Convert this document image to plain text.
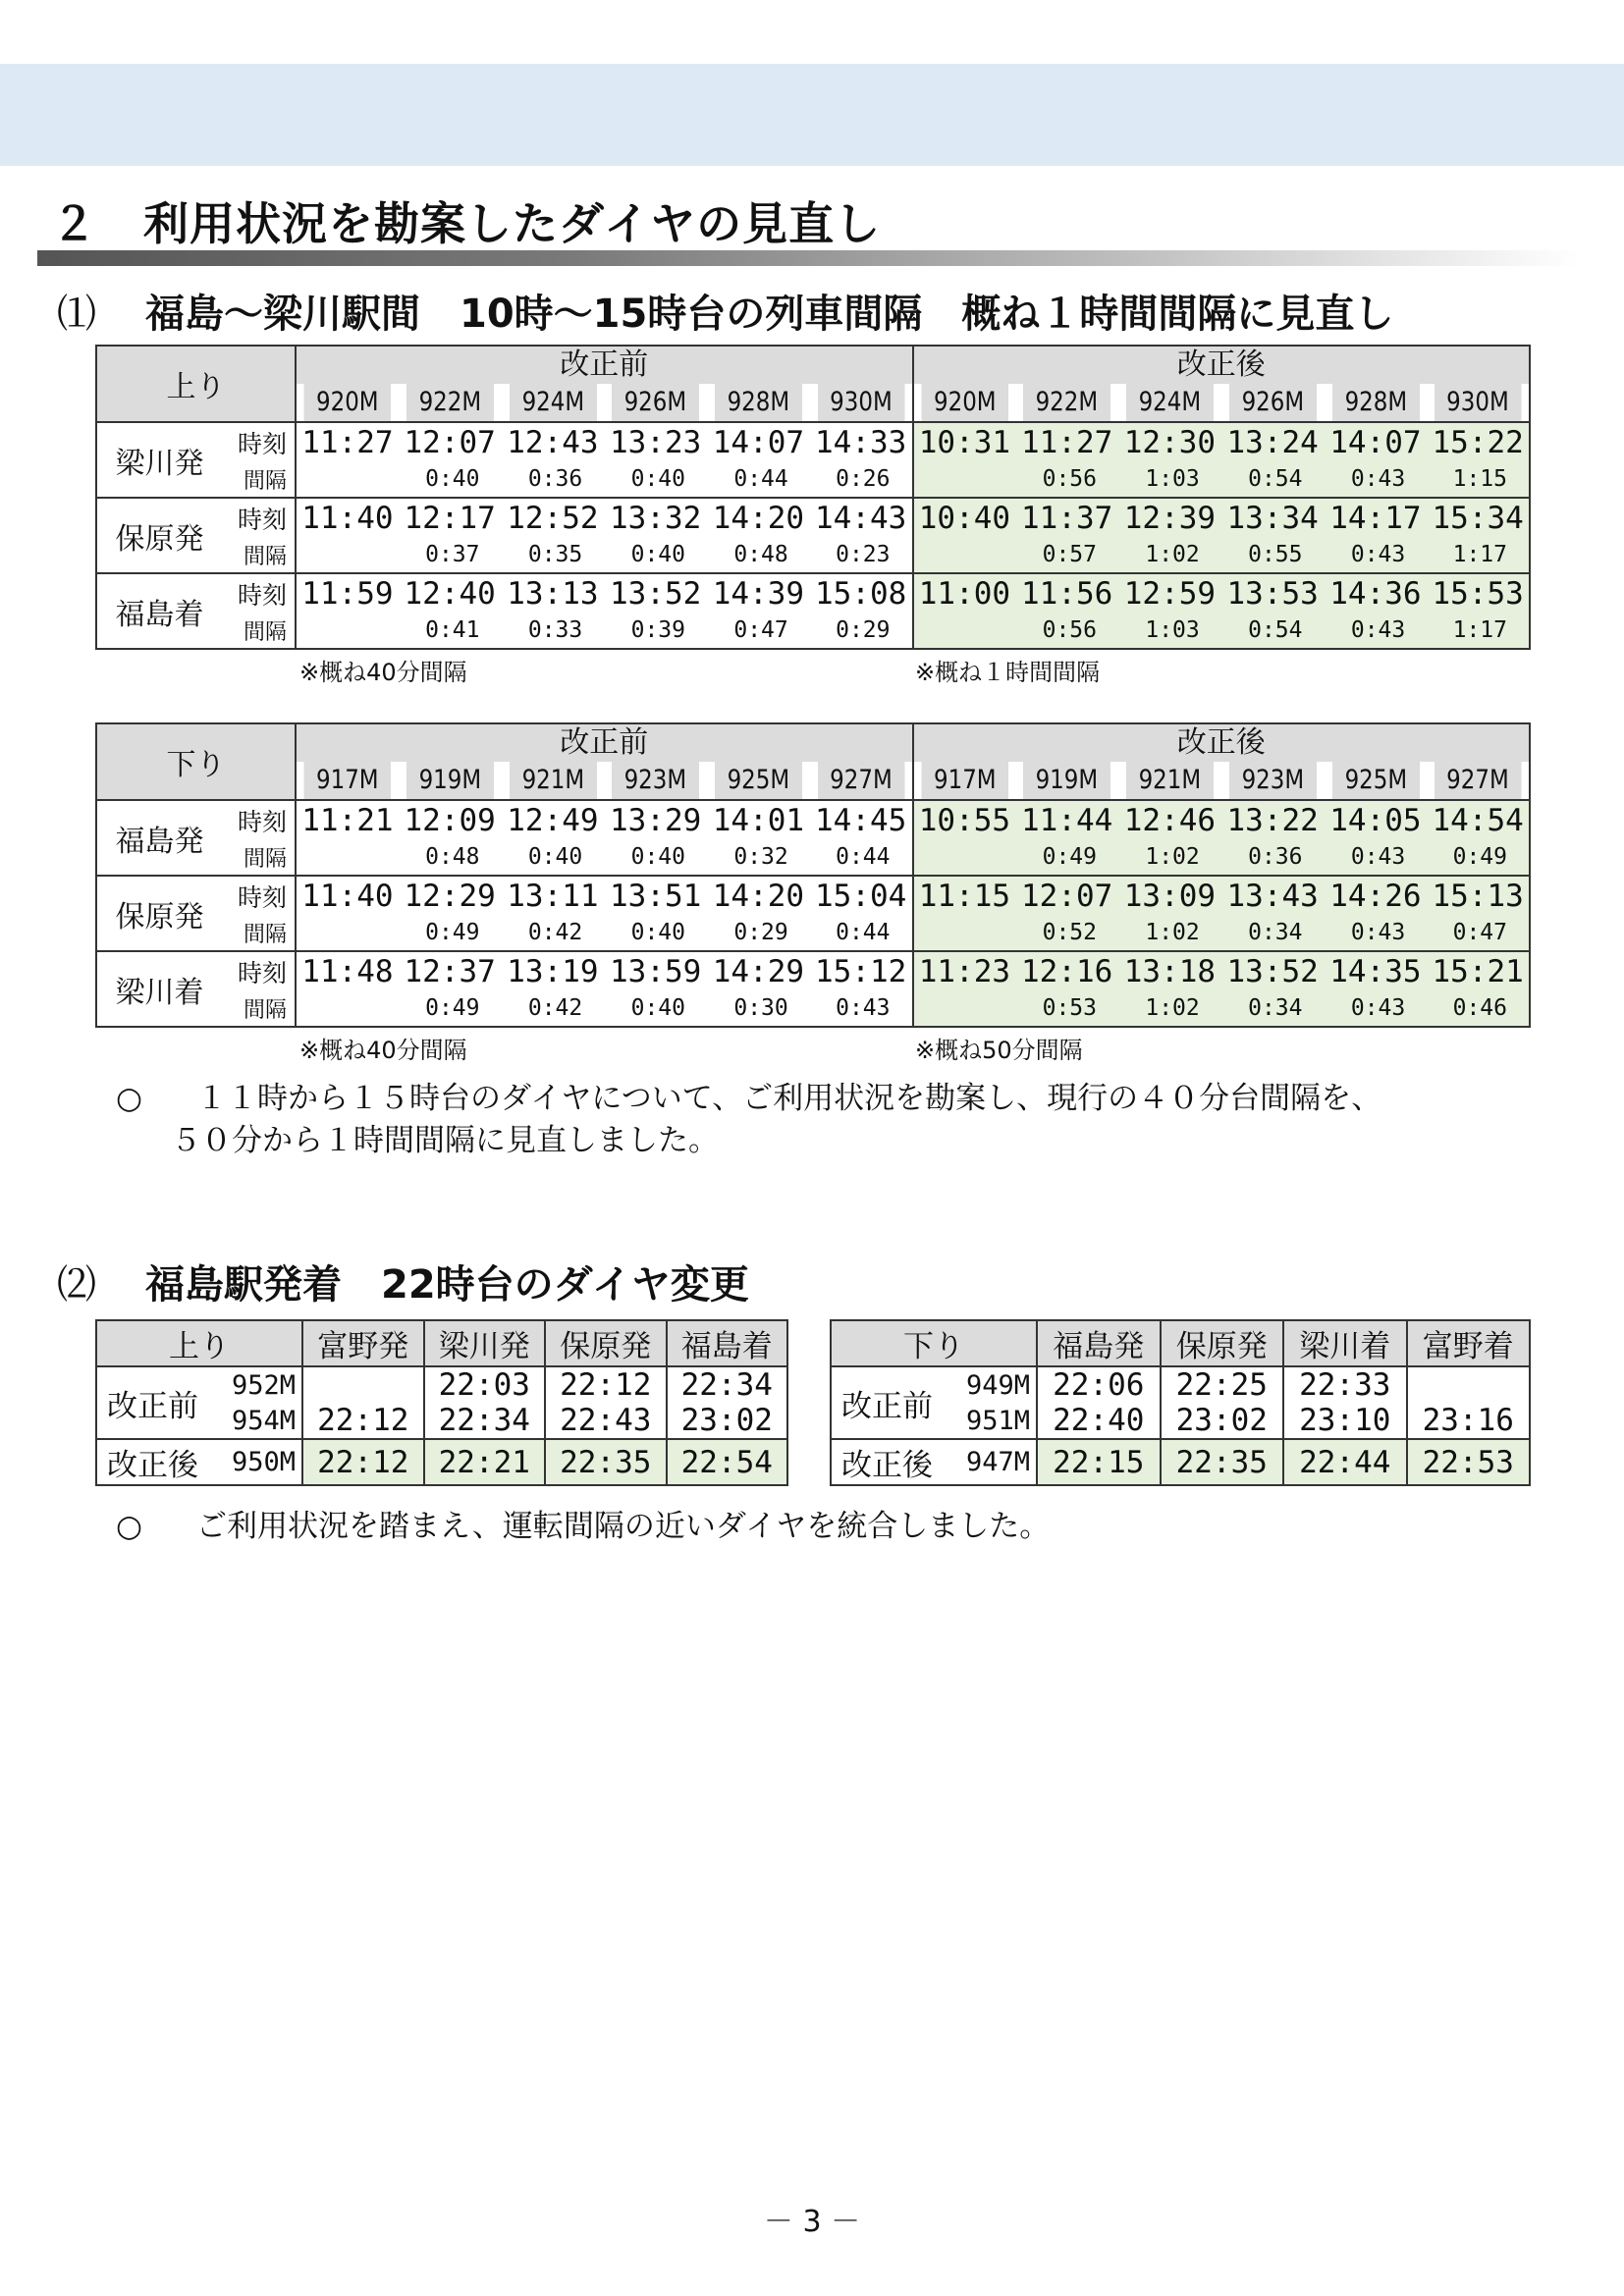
２　利用状況を勘案したダイヤの見直し
⑴ 福島～梁川駅間　10時～15時台の列車間隔　概ね１時間間隔に見直し
上り		改正前						改正後					
		920M	922M	924M	926M	928M	930M	920M	922M	924M	926M	928M	930M
梁川発	時刻	11:27	12:07	12:43	13:23	14:07	14:33	10:31	11:27	12:30	13:24	14:07	15:22
	間隔		0:40	0:36	0:40	0:44	0:26		0:56	1:03	0:54	0:43	1:15
保原発	時刻	11:40	12:17	12:52	13:32	14:20	14:43	10:40	11:37	12:39	13:34	14:17	15:34
	間隔		0:37	0:35	0:40	0:48	0:23		0:57	1:02	0:55	0:43	1:17
福島着	時刻	11:59	12:40	13:13	13:52	14:39	15:08	11:00	11:56	12:59	13:53	14:36	15:53
	間隔		0:41	0:33	0:39	0:47	0:29		0:56	1:03	0:54	0:43	1:17
※概ね40分間隔	※概ね１時間間隔
下り		改正前						改正後					
		917M	919M	921M	923M	925M	927M	917M	919M	921M	923M	925M	927M
福島発	時刻	11:21	12:09	12:49	13:29	14:01	14:45	10:55	11:44	12:46	13:22	14:05	14:54
	間隔		0:48	0:40	0:40	0:32	0:44		0:49	1:02	0:36	0:43	0:49
保原発	時刻	11:40	12:29	13:11	13:51	14:20	15:04	11:15	12:07	13:09	13:43	14:26	15:13
	間隔		0:49	0:42	0:40	0:29	0:44		0:52	1:02	0:34	0:43	0:47
梁川着	時刻	11:48	12:37	13:19	13:59	14:29	15:12	11:23	12:16	13:18	13:52	14:35	15:21
	間隔		0:49	0:42	0:40	0:30	0:43		0:53	1:02	0:34	0:43	0:46
※概ね40分間隔	※概ね50分間隔
○ １１時から１５時台のダイヤについて、ご利用状況を勘案し、現行の４０分台間隔を、
５０分から１時間間隔に見直しました。
⑵ 福島駅発着　22時台のダイヤ変更
上り		富野発	梁川発	保原発	福島着
改正前	952M		22:03	22:12	22:34
	954M	22:12	22:34	22:43	23:02
改正後	950M	22:12	22:21	22:35	22:54
下り		福島発	保原発	梁川着	富野着
改正前	949M	22:06	22:25	22:33	
	951M	22:40	23:02	23:10	23:16
改正後	947M	22:15	22:35	22:44	22:53
○ ご利用状況を踏まえ、運転間隔の近いダイヤを統合しました。
－ 3 －
